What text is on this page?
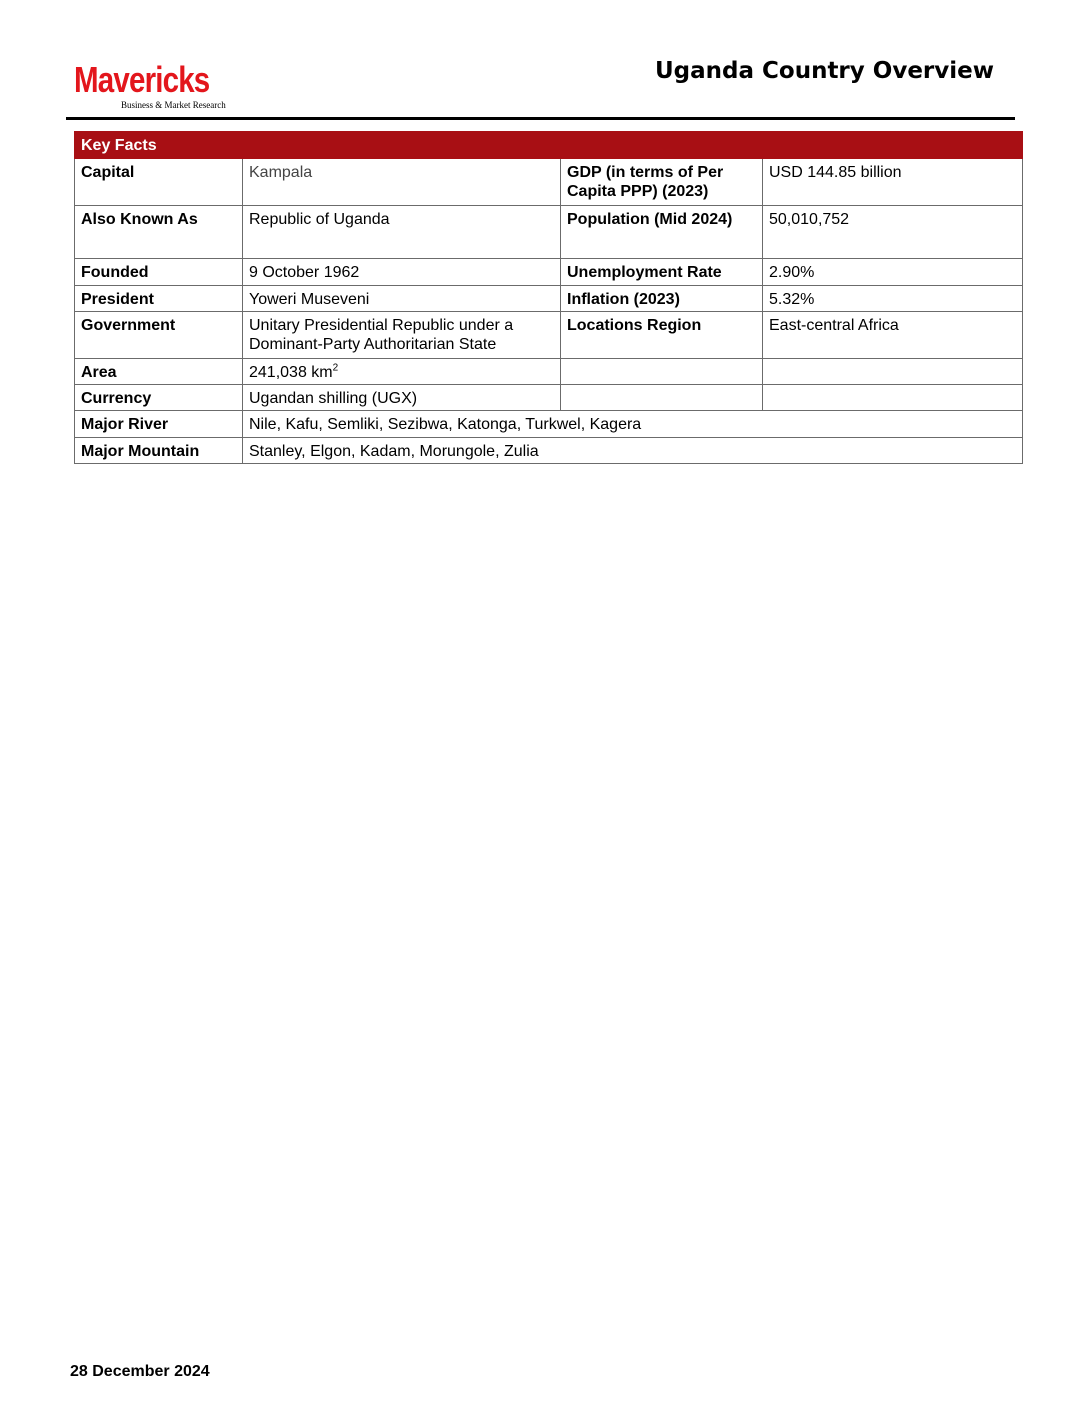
Mavericks
Business & Market Research
Uganda Country Overview
Key Facts			
Capital	Kampala	GDP (in terms of Per Capita PPP) (2023)	USD 144.85 billion
Also Known As	Republic of Uganda	Population (Mid 2024)	50,010,752
Founded	9 October 1962	Unemployment Rate	2.90%
President	Yoweri Museveni	Inflation (2023)	5.32%
Government	Unitary Presidential Republic under a Dominant-Party Authoritarian State	Locations Region	East-central Africa
Area	241,038 $km^2$		
Currency	Ugandan shilling (UGX)		
Major River	Nile, Kafu, Semliki, Sezibwa, Katonga, Turkwel, Kagera		
Major Mountain	Stanley, Elgon, Kadam, Morungole, Zulia		
28 December 2024
